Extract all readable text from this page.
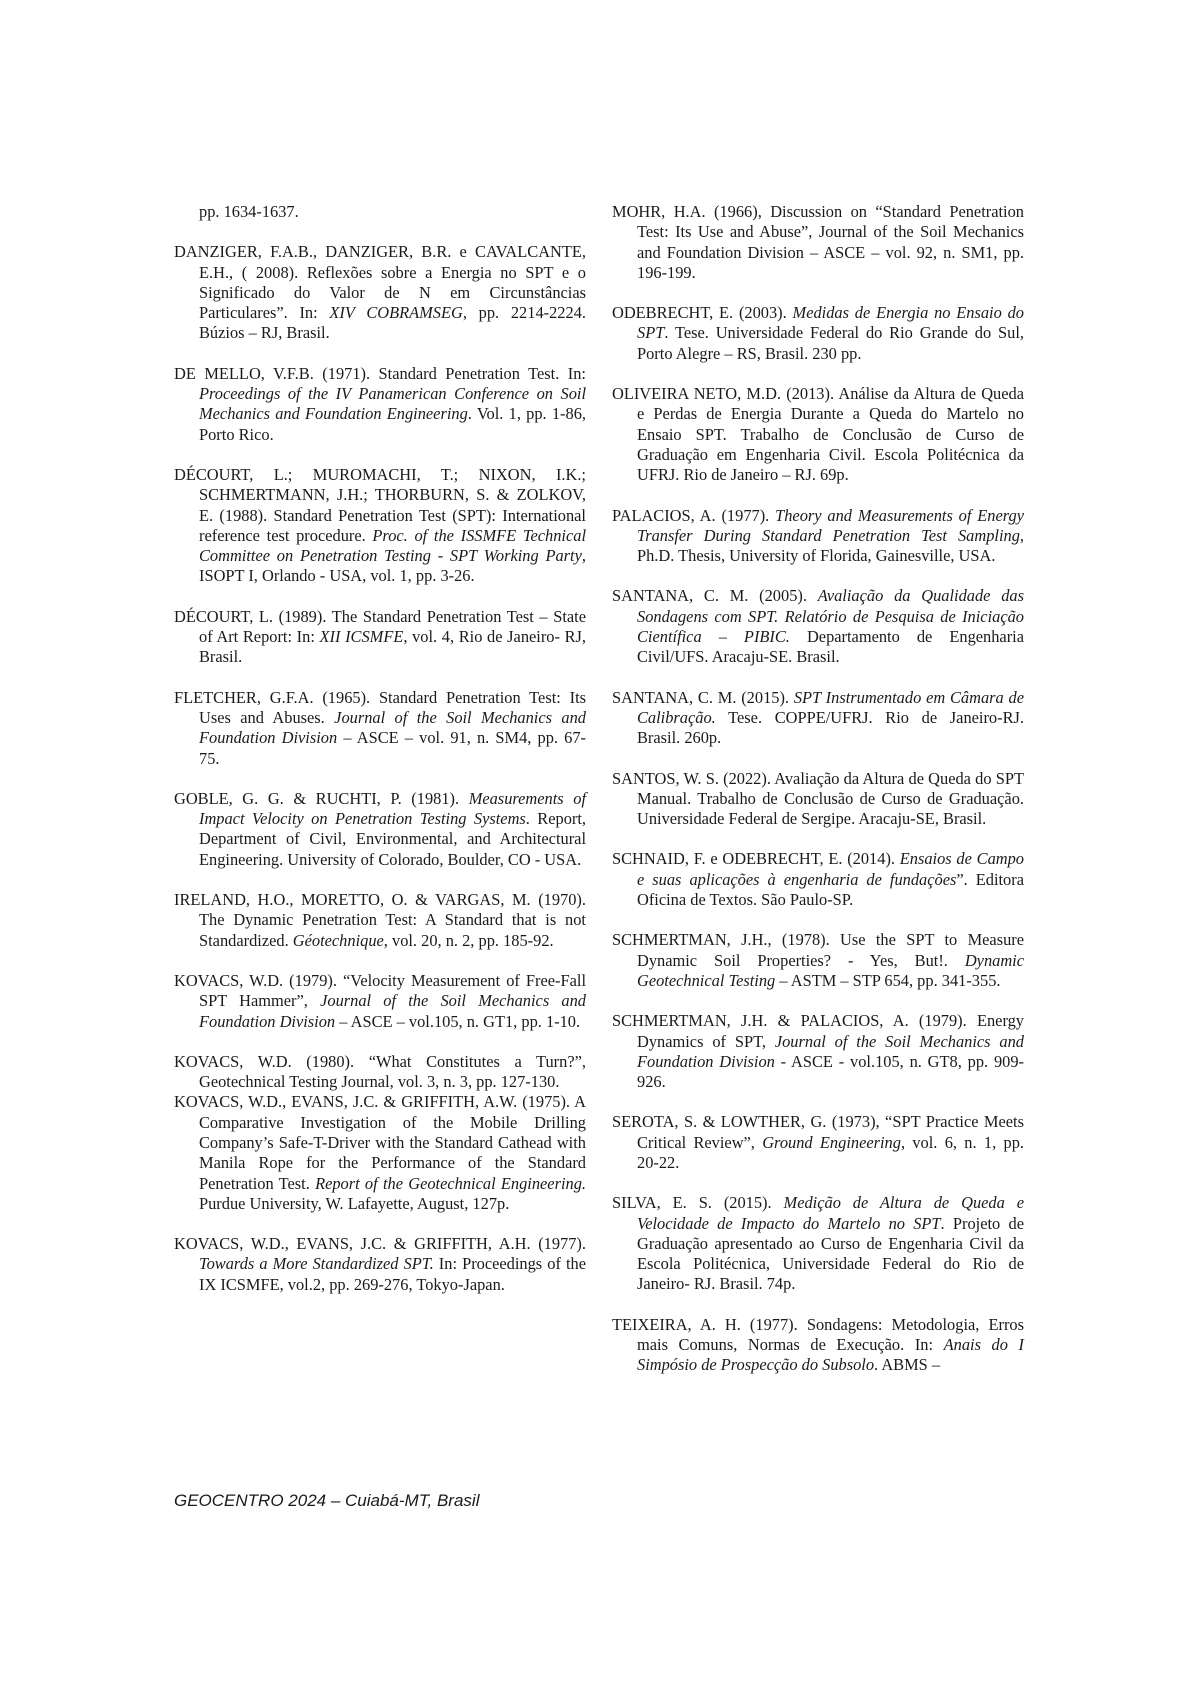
pp. 1634-1637.

DANZIGER, F.A.B., DANZIGER, B.R. e CAVALCANTE, E.H., ( 2008). Reflexões sobre a Energia no SPT e o Significado do Valor de N em Circunstâncias Particulares”. In: XIV COBRAMSEG, pp. 2214-2224. Búzios – RJ, Brasil.

DE MELLO, V.F.B. (1971). Standard Penetration Test. In: Proceedings of the IV Panamerican Conference on Soil Mechanics and Foundation Engineering. Vol. 1, pp. 1-86, Porto Rico.

DÉCOURT, L.; MUROMACHI, T.; NIXON, I.K.; SCHMERTMANN, J.H.; THORBURN, S. & ZOLKOV, E. (1988). Standard Penetration Test (SPT): International reference test procedure. Proc. of the ISSMFE Technical Committee on Penetration Testing - SPT Working Party, ISOPT I, Orlando - USA, vol. 1, pp. 3-26.

DÉCOURT, L. (1989). The Standard Penetration Test – State of Art Report: In: XII ICSMFE, vol. 4, Rio de Janeiro- RJ, Brasil.

FLETCHER, G.F.A. (1965). Standard Penetration Test: Its Uses and Abuses. Journal of the Soil Mechanics and Foundation Division – ASCE – vol. 91, n. SM4, pp. 67-75.

GOBLE, G. G. & RUCHTI, P. (1981). Measurements of Impact Velocity on Penetration Testing Systems. Report, Department of Civil, Environmental, and Architectural Engineering. University of Colorado, Boulder, CO - USA.

IRELAND, H.O., MORETTO, O. & VARGAS, M. (1970). The Dynamic Penetration Test: A Standard that is not Standardized. Géotechnique, vol. 20, n. 2, pp. 185-92.

KOVACS, W.D. (1979). “Velocity Measurement of Free-Fall SPT Hammer”, Journal of the Soil Mechanics and Foundation Division – ASCE – vol.105, n. GT1, pp. 1-10.

KOVACS, W.D. (1980). “What Constitutes a Turn?”, Geotechnical Testing Journal, vol. 3, n. 3, pp. 127-130.

KOVACS, W.D., EVANS, J.C. & GRIFFITH, A.W. (1975). A Comparative Investigation of the Mobile Drilling Company’s Safe-T-Driver with the Standard Cathead with Manila Rope for the Performance of the Standard Penetration Test. Report of the Geotechnical Engineering. Purdue University, W. Lafayette, August, 127p.

KOVACS, W.D., EVANS, J.C. & GRIFFITH, A.H. (1977). Towards a More Standardized SPT. In: Proceedings of the IX ICSMFE, vol.2, pp. 269-276, Tokyo-Japan.

MOHR, H.A. (1966), Discussion on “Standard Penetration Test: Its Use and Abuse”, Journal of the Soil Mechanics and Foundation Division – ASCE – vol. 92, n. SM1, pp. 196-199.

ODEBRECHT, E. (2003). Medidas de Energia no Ensaio do SPT. Tese. Universidade Federal do Rio Grande do Sul, Porto Alegre – RS, Brasil. 230 pp.

OLIVEIRA NETO, M.D. (2013). Análise da Altura de Queda e Perdas de Energia Durante a Queda do Martelo no Ensaio SPT. Trabalho de Conclusão de Curso de Graduação em Engenharia Civil. Escola Politécnica da UFRJ. Rio de Janeiro – RJ. 69p.

PALACIOS, A. (1977). Theory and Measurements of Energy Transfer During Standard Penetration Test Sampling, Ph.D. Thesis, University of Florida, Gainesville, USA.

SANTANA, C. M. (2005). Avaliação da Qualidade das Sondagens com SPT. Relatório de Pesquisa de Iniciação Científica – PIBIC. Departamento de Engenharia Civil/UFS. Aracaju-SE. Brasil.

SANTANA, C. M. (2015). SPT Instrumentado em Câmara de Calibração. Tese. COPPE/UFRJ. Rio de Janeiro-RJ. Brasil. 260p.

SANTOS, W. S. (2022). Avaliação da Altura de Queda do SPT Manual. Trabalho de Conclusão de Curso de Graduação. Universidade Federal de Sergipe. Aracaju-SE, Brasil.

SCHNAID, F. e ODEBRECHT, E. (2014). Ensaios de Campo e suas aplicações à engenharia de fundações”. Editora Oficina de Textos. São Paulo-SP.

SCHMERTMAN, J.H., (1978). Use the SPT to Measure Dynamic Soil Properties? - Yes, But!. Dynamic Geotechnical Testing – ASTM – STP 654, pp. 341-355.

SCHMERTMAN, J.H. & PALACIOS, A. (1979). Energy Dynamics of SPT, Journal of the Soil Mechanics and Foundation Division - ASCE - vol.105, n. GT8, pp. 909-926.

SEROTA, S. & LOWTHER, G. (1973), “SPT Practice Meets Critical Review”, Ground Engineering, vol. 6, n. 1, pp. 20-22.

SILVA, E. S. (2015). Medição de Altura de Queda e Velocidade de Impacto do Martelo no SPT. Projeto de Graduação apresentado ao Curso de Engenharia Civil da Escola Politécnica, Universidade Federal do Rio de Janeiro- RJ. Brasil. 74p.

TEIXEIRA, A. H. (1977). Sondagens: Metodologia, Erros mais Comuns, Normas de Execução. In: Anais do I Simpósio de Prospecção do Subsolo. ABMS –

GEOCENTRO 2024 – Cuiabá-MT, Brasil
